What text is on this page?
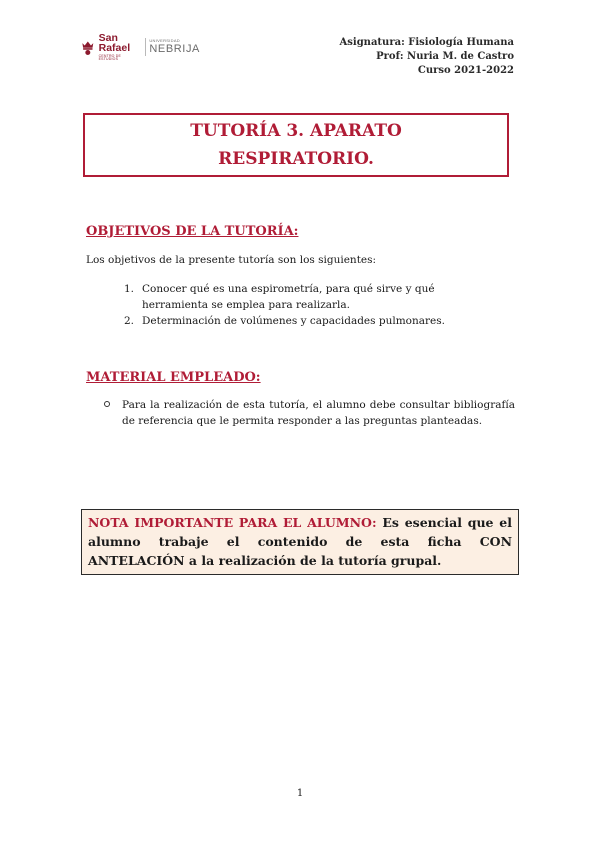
San Rafael
CENTRO DE ESTUDIOS
UNIVERSIDAD
NEBRIJA
Asignatura: Fisiología Humana
Prof: Nuria M. de Castro
Curso 2021-2022
TUTORÍA 3. APARATO
RESPIRATORIO.
OBJETIVOS DE LA TUTORÍA:

Los objetivos de la presente tutoría son los siguientes:

1. Conocer qué es una espirometría, para qué sirve y qué herramienta se emplea para realizarla.
2. Determinación de volúmenes y capacidades pulmonares.
MATERIAL EMPLEADO:
Para la realización de esta tutoría, el alumno debe consultar bibliografía de referencia que le permita responder a las preguntas planteadas.
NOTA IMPORTANTE PARA EL ALUMNO: Es esencial que el alumno trabaje el contenido de esta ficha CON ANTELACIÓN a la realización de la tutoría grupal.
1
